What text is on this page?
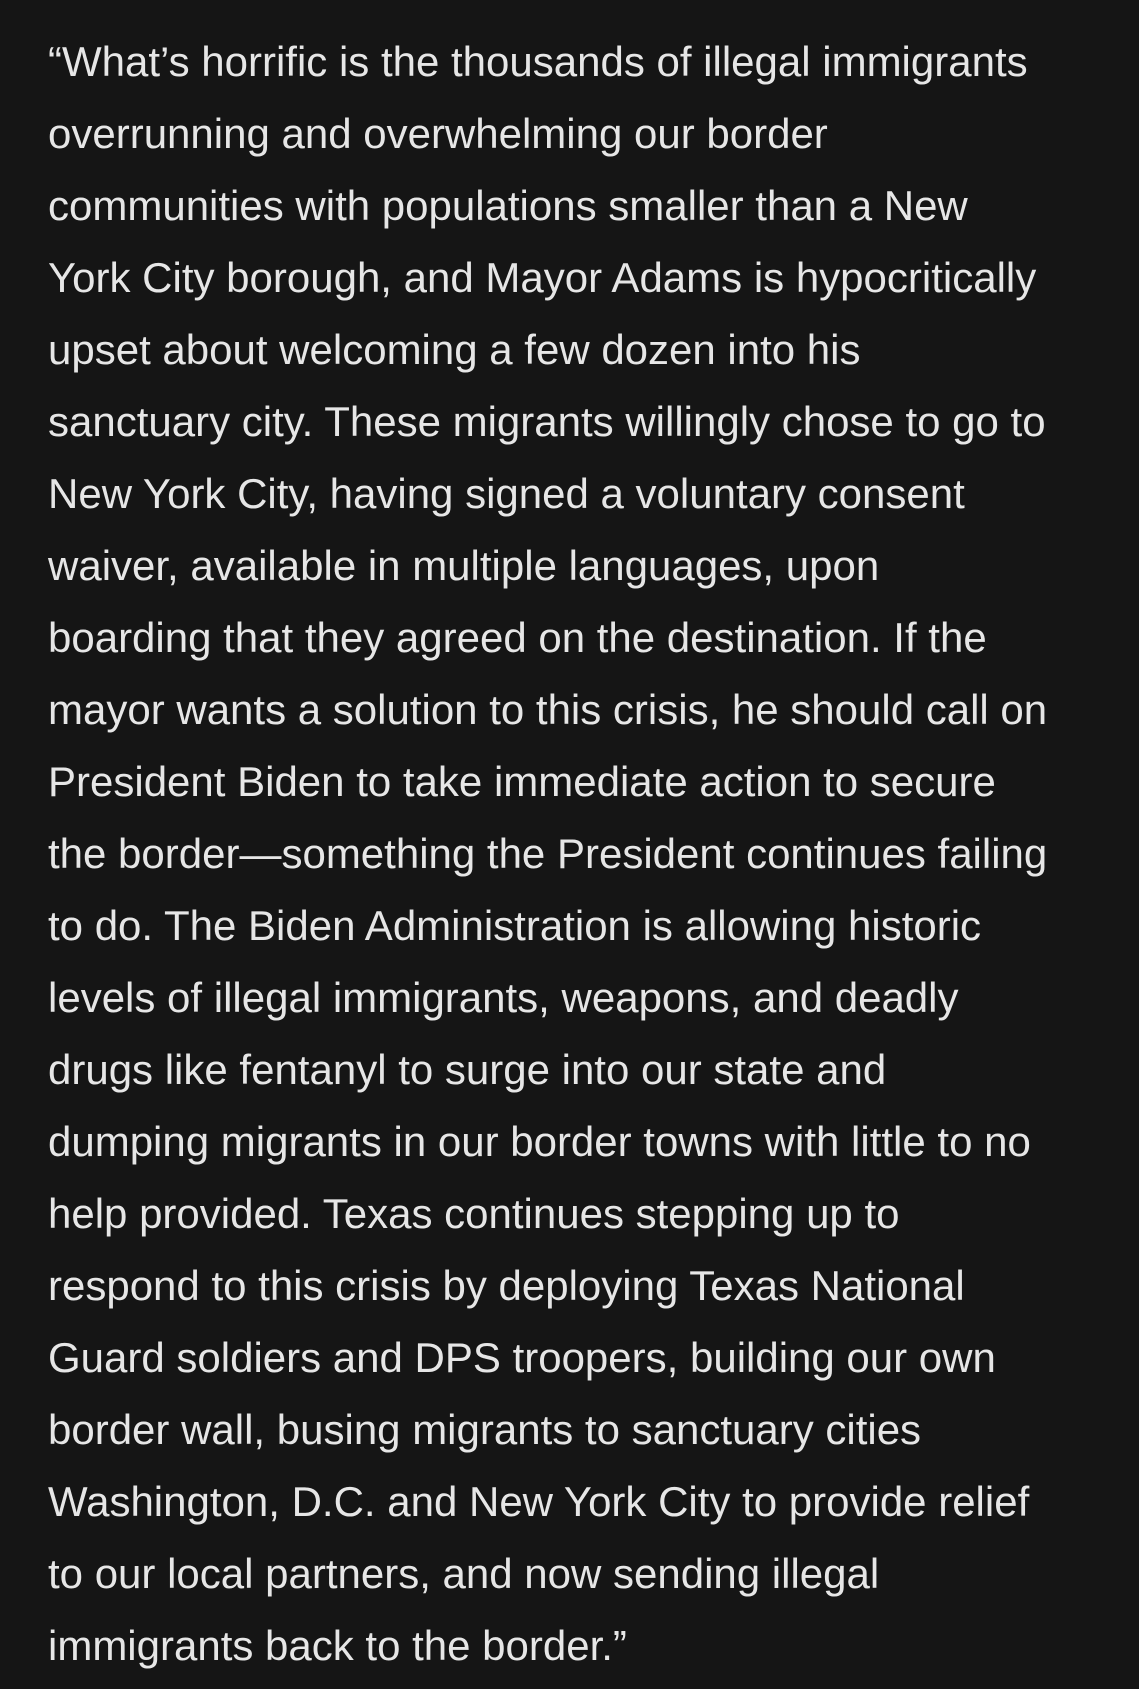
“What’s horrific is the thousands of illegal immigrants
overrunning and overwhelming our border
communities with populations smaller than a New
York City borough, and Mayor Adams is hypocritically
upset about welcoming a few dozen into his
sanctuary city. These migrants willingly chose to go to
New York City, having signed a voluntary consent
waiver, available in multiple languages, upon
boarding that they agreed on the destination. If the
mayor wants a solution to this crisis, he should call on
President Biden to take immediate action to secure
the border—something the President continues failing
to do. The Biden Administration is allowing historic
levels of illegal immigrants, weapons, and deadly
drugs like fentanyl to surge into our state and
dumping migrants in our border towns with little to no
help provided. Texas continues stepping up to
respond to this crisis by deploying Texas National
Guard soldiers and DPS troopers, building our own
border wall, busing migrants to sanctuary cities
Washington, D.C. and New York City to provide relief
to our local partners, and now sending illegal
immigrants back to the border.”
